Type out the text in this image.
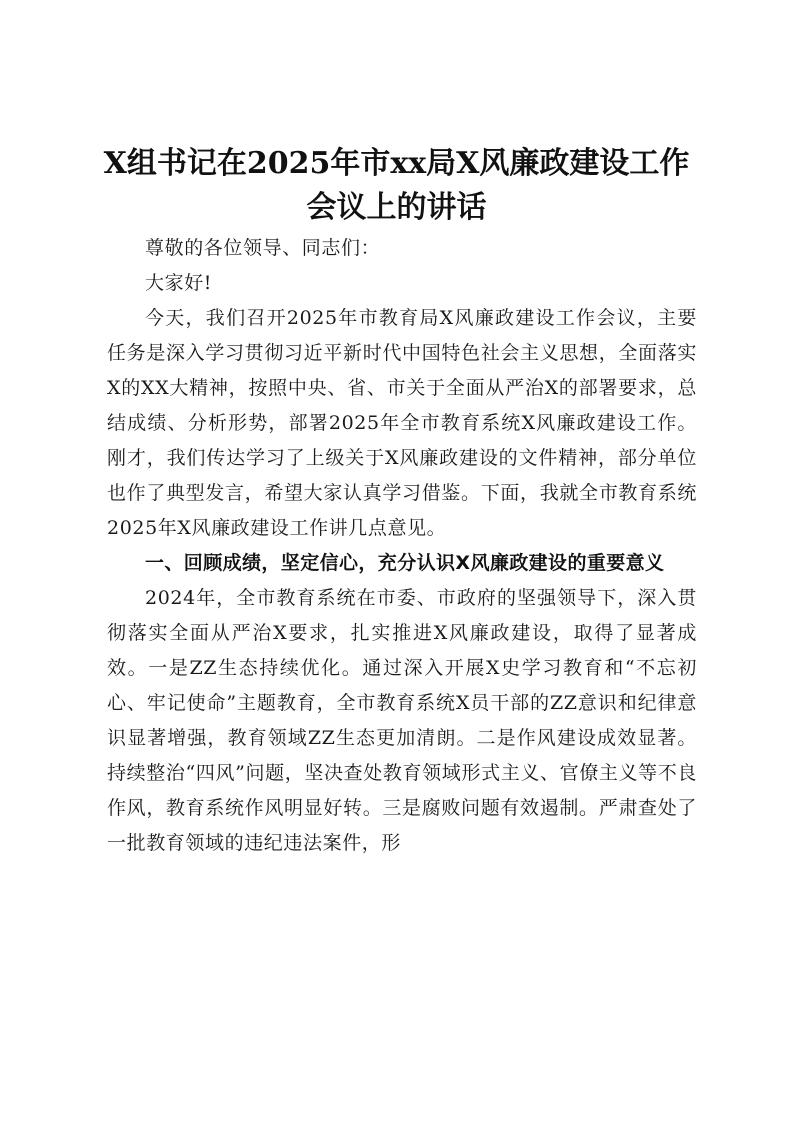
X组书记在2025年市xx局X风廉政建设工作
会议上的讲话

尊敬的各位领导、同志们：

大家好!

今天，我们召开2025年市教育局X风廉政建设工作会议，主要任务是深入学习贯彻习近平新时代中国特色社会主义思想，全面落实X的XX大精神，按照中央、省、市关于全面从严治X的部署要求，总结成绩、分析形势，部署2025年全市教育系统X风廉政建设工作。刚才，我们传达学习了上级关于X风廉政建设的文件精神，部分单位也作了典型发言，希望大家认真学习借鉴。下面，我就全市教育系统2025年X风廉政建设工作讲几点意见。

一、回顾成绩，坚定信心，充分认识X风廉政建设的重要意义

2024年，全市教育系统在市委、市政府的坚强领导下，深入贯彻落实全面从严治X要求，扎实推进X风廉政建设，取得了显著成效。一是ZZ生态持续优化。通过深入开展X史学习教育和“不忘初心、牢记使命”主题教育，全市教育系统X员干部的ZZ意识和纪律意识显著增强，教育领域ZZ生态更加清朗。二是作风建设成效显著。持续整治“四风”问题，坚决查处教育领域形式主义、官僚主义等不良作风，教育系统作风明显好转。三是腐败问题有效遏制。严肃查处了一批教育领域的违纪违法案件，形
